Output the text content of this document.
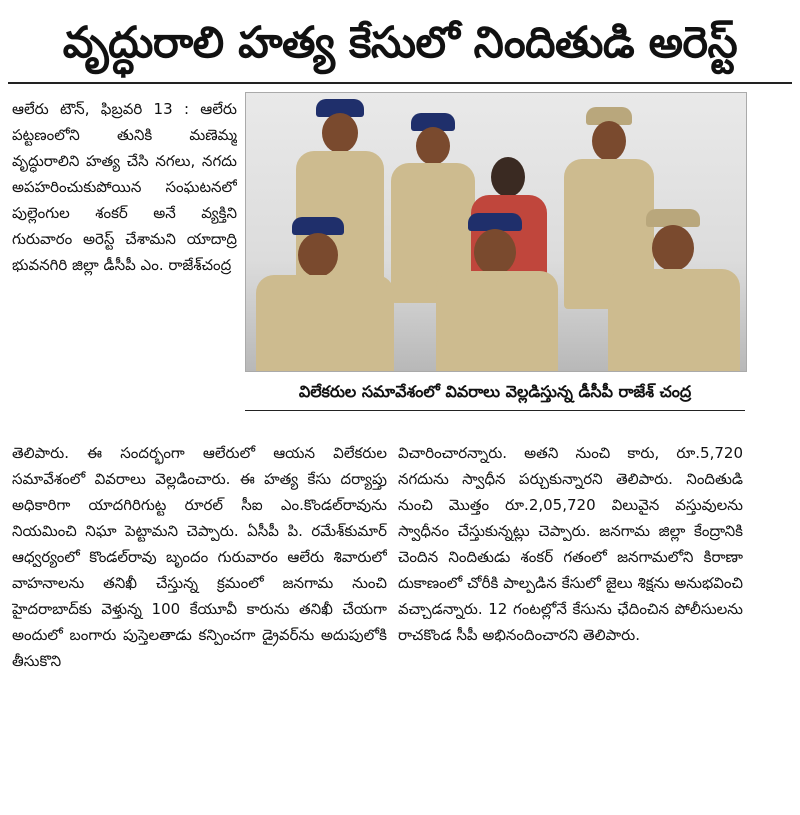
వృద్ధురాలి హత్య కేసులో నిందితుడి అరెస్ట్
విలేకరుల సమావేశంలో వివరాలు వెల్లడిస్తున్న డీసీపీ రాజేశ్ చంద్ర

ఆలేరు టౌన్, ఫిబ్రవరి 13 : ఆలేరు పట్టణంలోని తునికి మణెమ్మ వృద్ధురాలిని హత్య చేసి నగలు, నగదు అపహరించుకుపోయిన సంఘటనలో పుల్లెంగుల శంకర్ అనే వ్యక్తిని గురువారం అరెస్ట్ చేశామని యాదాద్రి భువనగిరి జిల్లా డీసీపీ ఎం. రాజేశ్‌చంద్ర

తెలిపారు. ఈ సందర్భంగా ఆలేరులో ఆయన విలేకరుల సమావేశంలో వివరాలు వెల్లడించారు. ఈ హత్య కేసు దర్యాప్తు అధికారిగా యాదగిరిగుట్ట రూరల్ సీఐ ఎం.కొండల్‌రావును నియమించి నిఘా పెట్టామని చెప్పారు. ఏసీపీ పి. రమేశ్‌కుమార్ ఆధ్వర్యంలో కొండల్‌రావు బృందం గురువారం ఆలేరు శివారులో వాహనాలను తనిఖీ చేస్తున్న క్రమంలో జనగామ నుంచి హైదరాబాద్‌కు వెళ్తున్న 100 కేయూవీ కారును తనిఖీ చేయగా అందులో బంగారు పుస్తెలతాడు కన్పించగా డ్రైవర్‌ను అదుపులోకి తీసుకొని

విచారించారన్నారు. అతని నుంచి కారు, రూ.5,720 నగదును స్వాధీన పర్చుకున్నారని తెలిపారు. నిందితుడి నుంచి మొత్తం రూ.2,05,720 విలువైన వస్తువులను స్వాధీనం చేస్తుకున్నట్లు చెప్పారు. జనగామ జిల్లా కేంద్రానికి చెందిన నిందితుడు శంకర్ గతంలో జనగామలోని కిరాణా దుకాణంలో చోరీకి పాల్పడిన కేసులో జైలు శిక్షను అనుభవించి వచ్చాడన్నారు. 12 గంటల్లోనే కేసును ఛేదించిన పోలీసులను రాచకొండ సీపీ అభినందించారని తెలిపారు.
